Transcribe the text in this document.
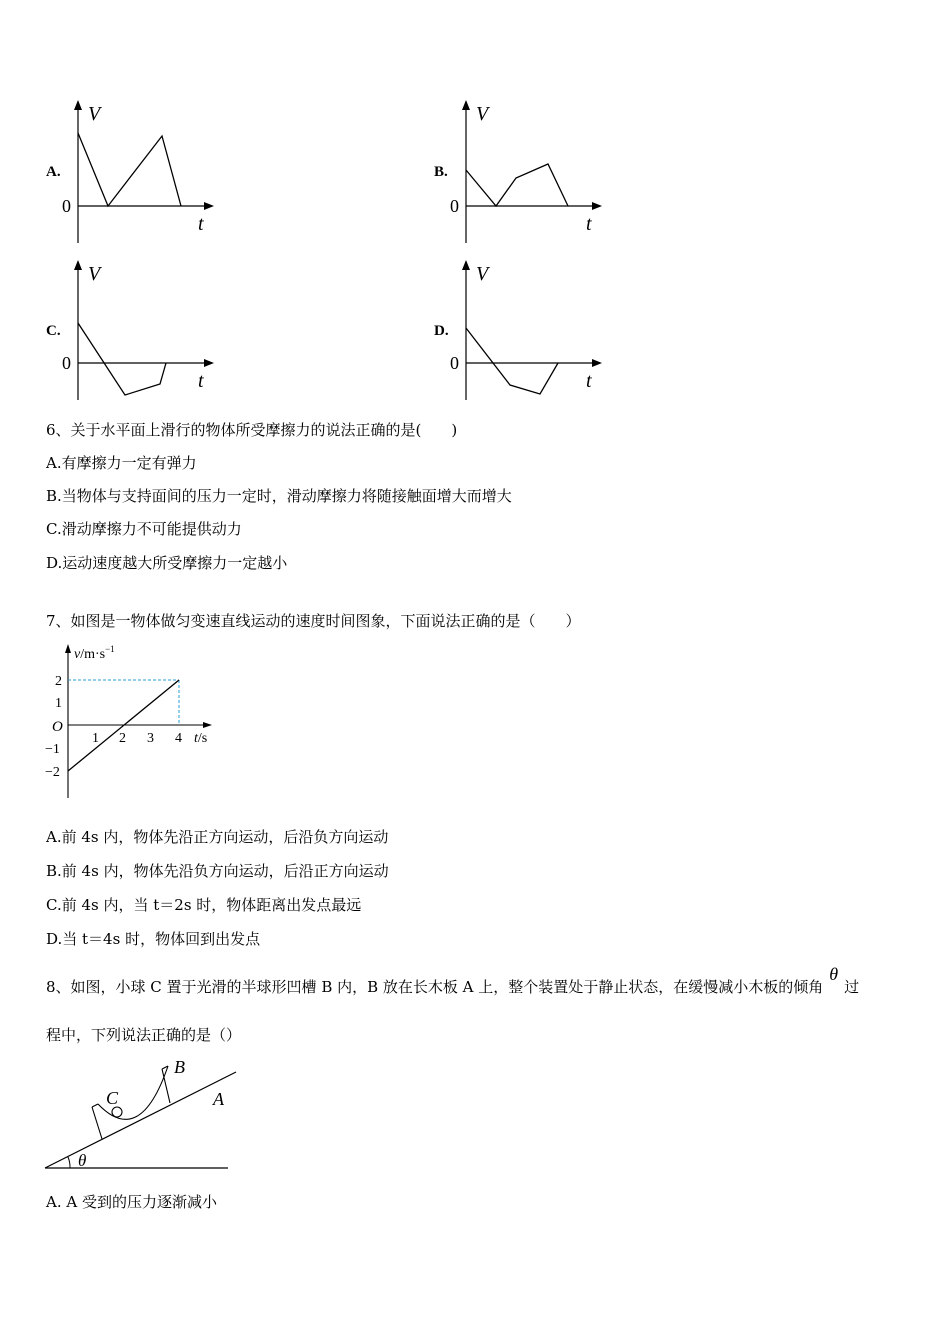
A.
V
t
0
B.
V
t
0
C.
V
t
0
D.
V
t
0
6、关于水平面上滑行的物体所受摩擦力的说法正确的是(　　)
A.有摩擦力一定有弹力
B.当物体与支持面间的压力一定时，滑动摩擦力将随接触面增大而增大
C.滑动摩擦力不可能提供动力
D.运动速度越大所受摩擦力一定越小
7、如图是一物体做匀变速直线运动的速度时间图象，下面说法正确的是（　　）
$v/m\cdot s^{-1}$
2
1
−1
−2
O
1 2 3 4 t/s
A.前 4s 内，物体先沿正方向运动，后沿负方向运动
B.前 4s 内，物体先沿负方向运动，后沿正方向运动
C.前 4s 内，当 t＝2s 时，物体距离出发点最远
D.当 t＝4s 时，物体回到出发点
8、如图，小球 C 置于光滑的半球形凹槽 B 内，B 放在长木板 A 上，整个装置处于静止状态，在缓慢减小木板的倾角θ过
程中，下列说法正确的是（）
C
B
A
θ
A. A 受到的压力逐渐减小
